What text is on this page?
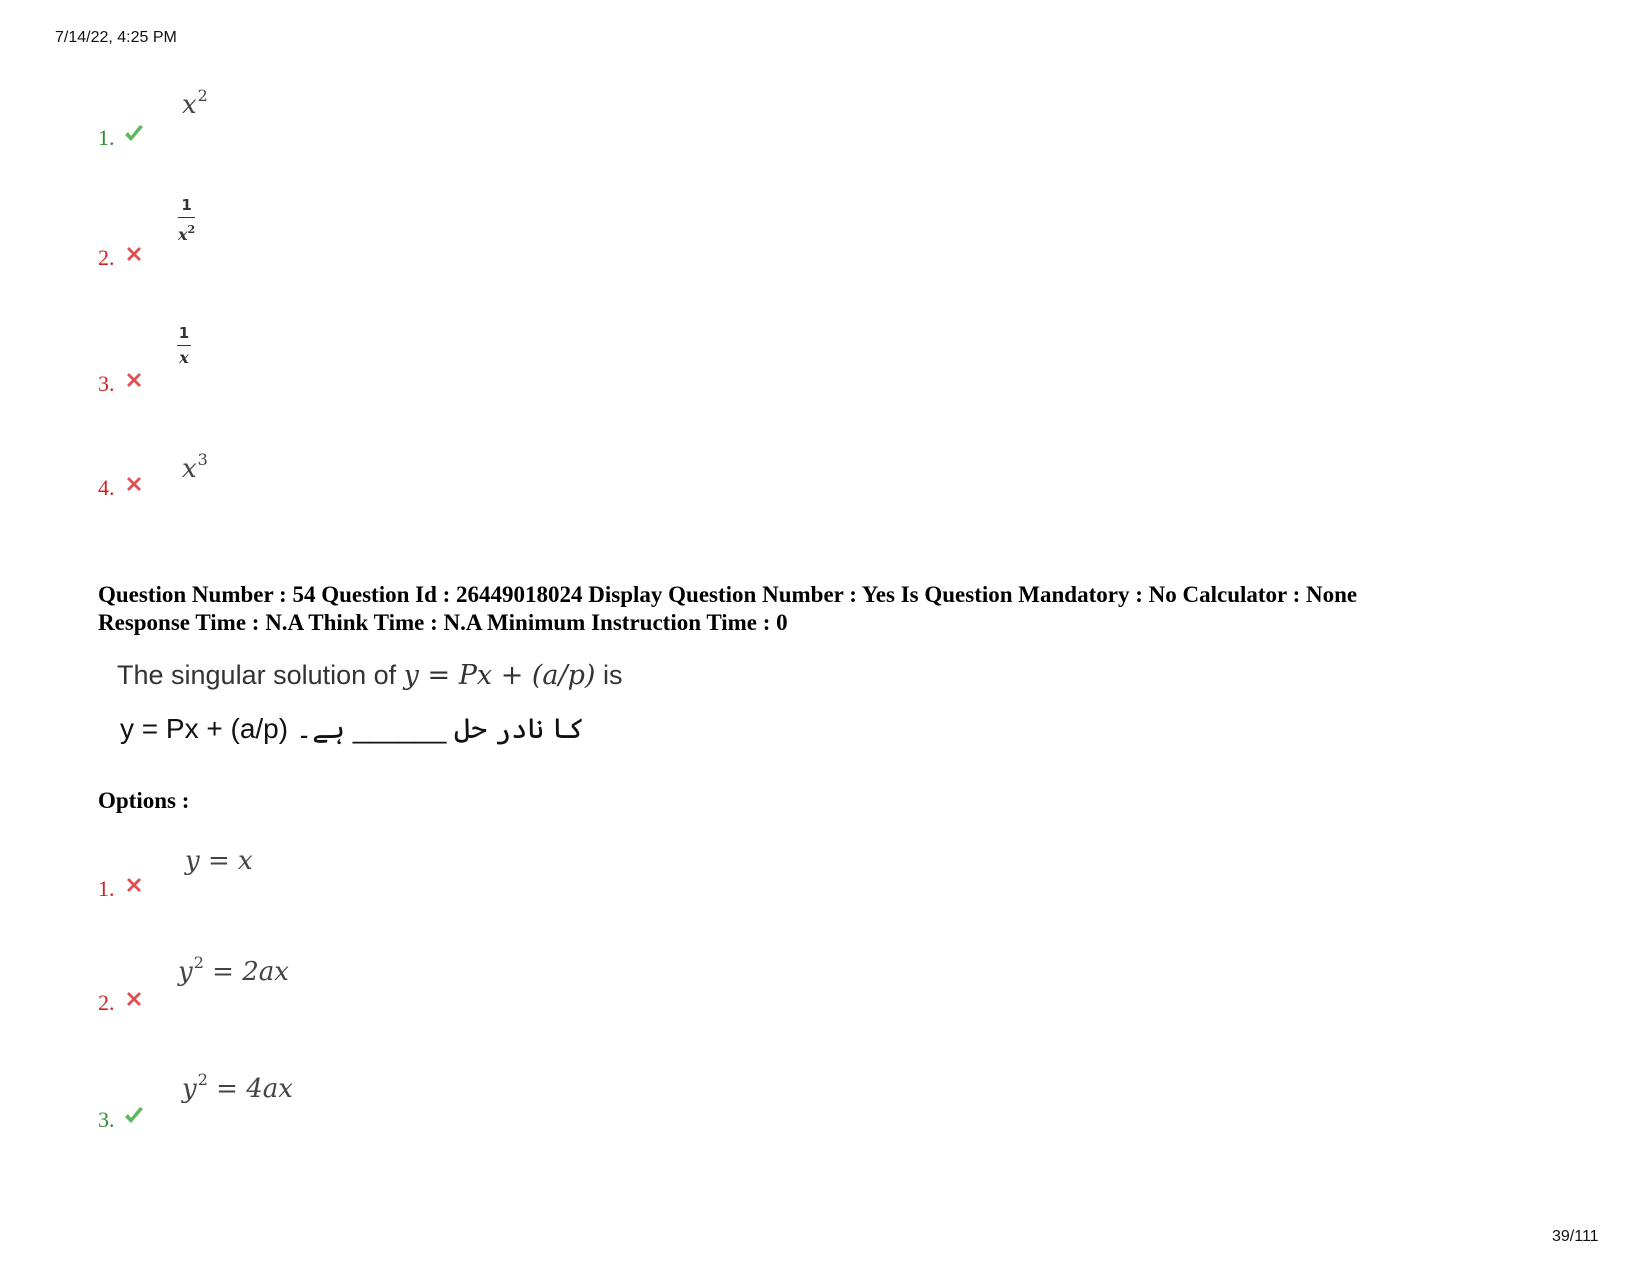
7/14/22, 4:25 PM
39/111
1.
$x^2$
2.
1
$x^2$
3.
1
x
4.
$x^3$
Question Number : 54 Question Id : 26449018024 Display Question Number : Yes Is Question Mandatory : No Calculator : None
Response Time : N.A Think Time : N.A Minimum Instruction Time : 0
The singular solution of y = Px + (a/p) is
y = Px + (a/p) کا نادر حل ______ ہے۔
Options :
1.
y = x
2.
$y^2 = 2ax$
3.
$y^2 = 4ax$
